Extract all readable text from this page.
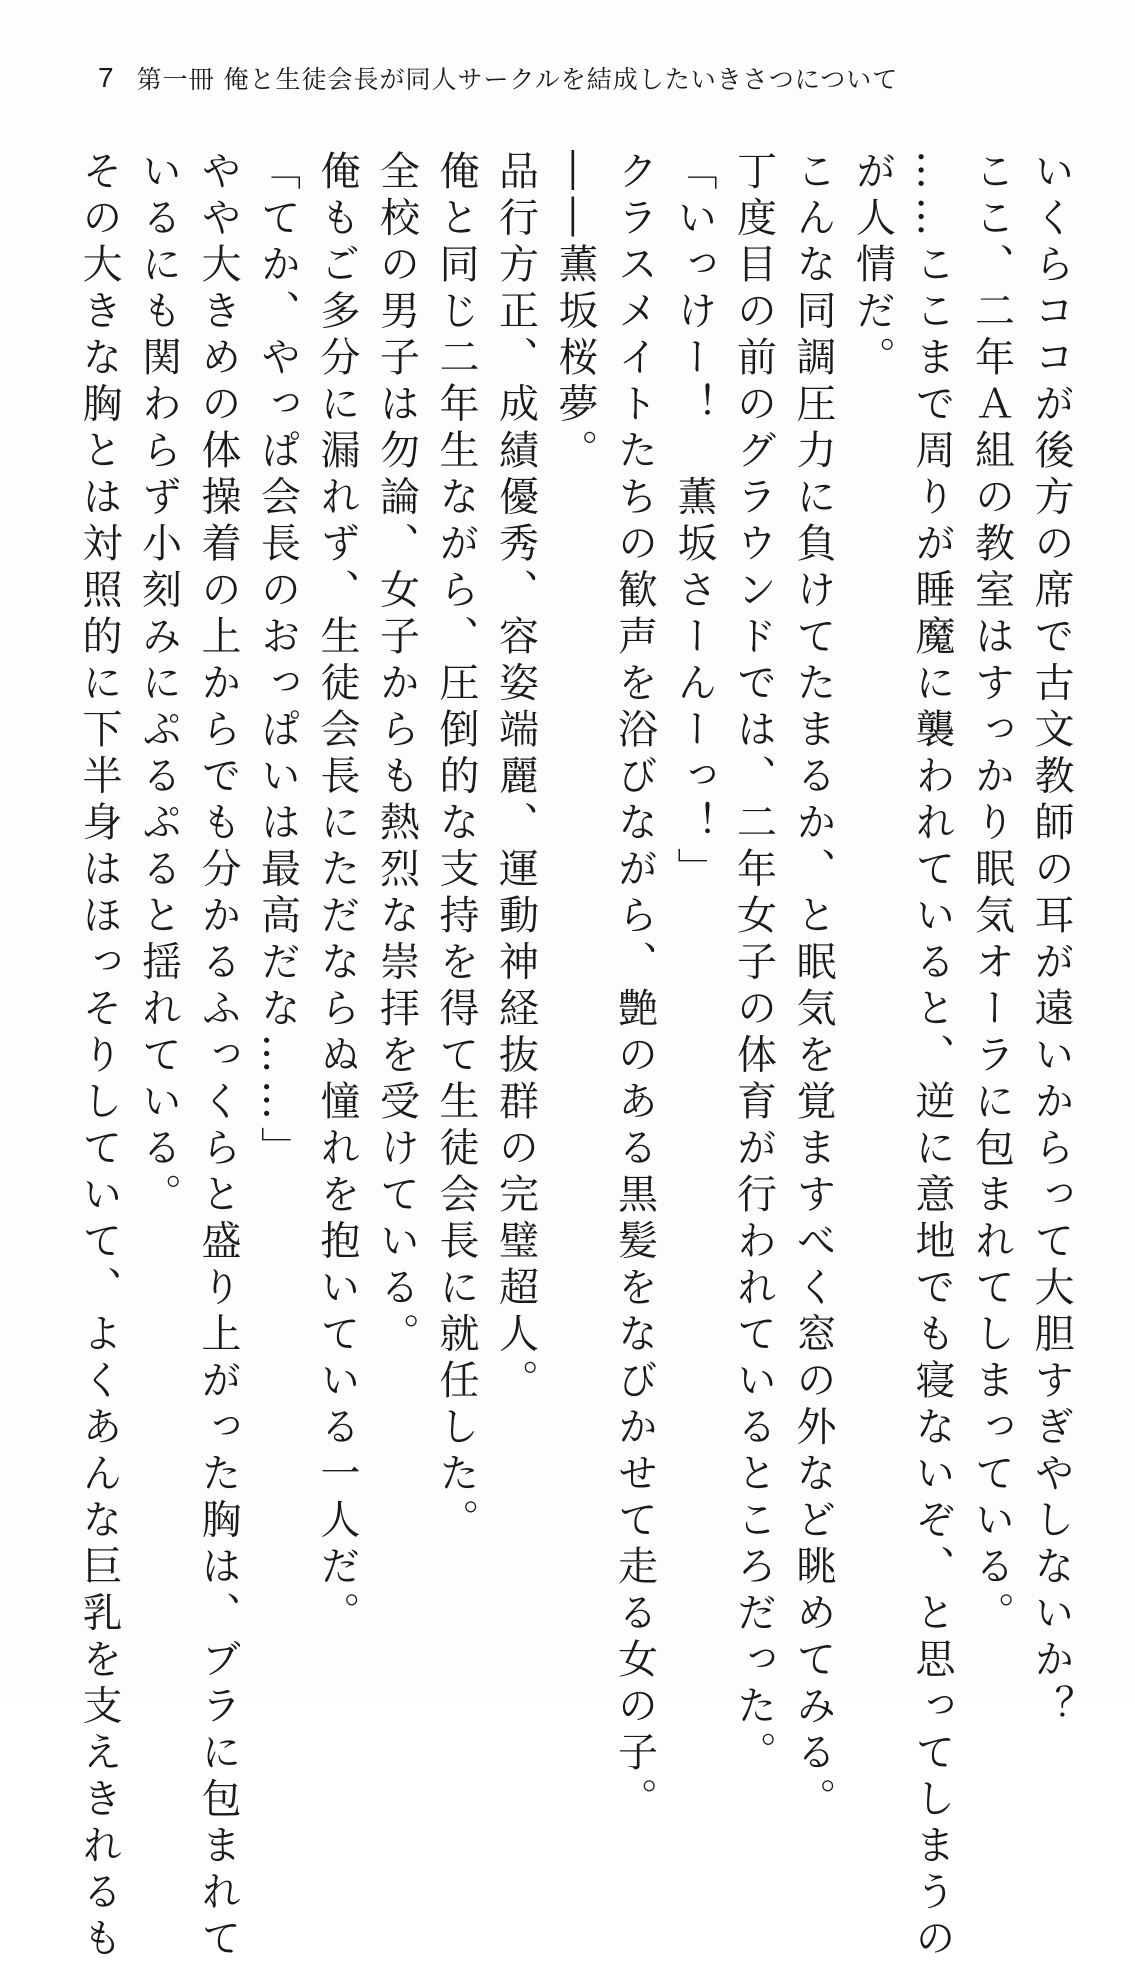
7 第一冊 俺と生徒会長が同人サークルを結成したいきさつについて
いくらココが後方の席で古文教師の耳が遠いからって大胆すぎやしないか？
ここ、二年Ａ組の教室はすっかり眠気オーラに包まれてしまっている。
……ここまで周りが睡魔に襲われていると、逆に意地でも寝ないぞ、と思ってしまうの
が人情だ。
こんな同調圧力に負けてたまるか、と眠気を覚ますべく窓の外など眺めてみる。
丁度目の前のグラウンドでは、二年女子の体育が行われているところだった。
「いっけー！　薫坂さーんーっ！」
クラスメイトたちの歓声を浴びながら、艶のある黒髪をなびかせて走る女の子。
――薫坂桜夢。
品行方正、成績優秀、容姿端麗、運動神経抜群の完璧超人。
俺と同じ二年生ながら、圧倒的な支持を得て生徒会長に就任した。
全校の男子は勿論、女子からも熱烈な崇拝を受けている。
俺もご多分に漏れず、生徒会長にただならぬ憧れを抱いている一人だ。
「てか、やっぱ会長のおっぱいは最高だな……」
やや大きめの体操着の上からでも分かるふっくらと盛り上がった胸は、ブラに包まれて
いるにも関わらず小刻みにぷるぷると揺れている。
その大きな胸とは対照的に下半身はほっそりしていて、よくあんな巨乳を支えきれるも
